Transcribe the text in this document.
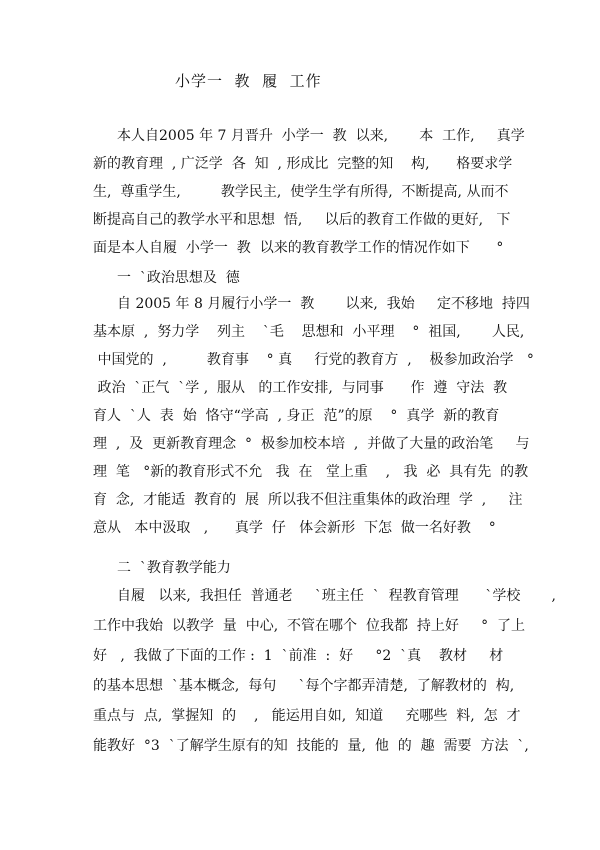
小学一  教  履  工作
本人自2005 年 7 月晋升  小学一  教  以来,       本  工作,     真学
新的教育理  , 广泛学  各  知  , 形成比  完整的知    构,      格要求学
生,  尊重学生,         教学民主,  使学生学有所得,  不断提高, 从而不
断提高自己的教学水平和思想  悟,     以后的教育工作做的更好,   下
面是本人自履  小学一  教  以来的教育教学工作的情况作如下      °
一  `政治思想及  德
自 2005 年 8 月履行小学一  教       以来,  我始     定不移地  持四
基本原  ,  努力学    列主    `毛    思想和  小平理    °  祖国,       人民,
中国党的  ,         教育事    ° 真     行党的教育方  ,    极参加政治学   °
政治  `正气  `学 ,  服从   的工作安排,  与同事      作  遵  守法  教
育人  `人  表  始  恪守“学高  , 身正  范”的原    °  真学  新的教育
理  ,  及  更新教育理念  °  极参加校本培  ,  并做了大量的政治笔     与
理  笔   °新的教育形式不允   我  在   堂上重    ,   我  必  具有先  的教
育  念,  才能适  教育的  展  所以我不但注重集体的政治理  学  ,     注
意从   本中汲取   ,      真学  仔   体会新形  下怎  做一名好教    °
二  `教育教学能力
自履   以来,  我担任  普通老     `班主任  `  程教育管理      `学校       ,
工作中我始  以教学  量  中心,  不管在哪个  位我都  持上好     °  了上
好   ,  我做了下面的工作 :  1  `前准  :  好     °2  `真    教材     材
的基本思想  `基本概念,  每句     `每个字都弄清楚,  了解教材的  构,
重点与  点,  掌握知  的    ,   能运用自如,  知道     充哪些  料,  怎  才
能教好  °3  `了解学生原有的知  技能的  量,  他  的  趣  需要  方法  `,
